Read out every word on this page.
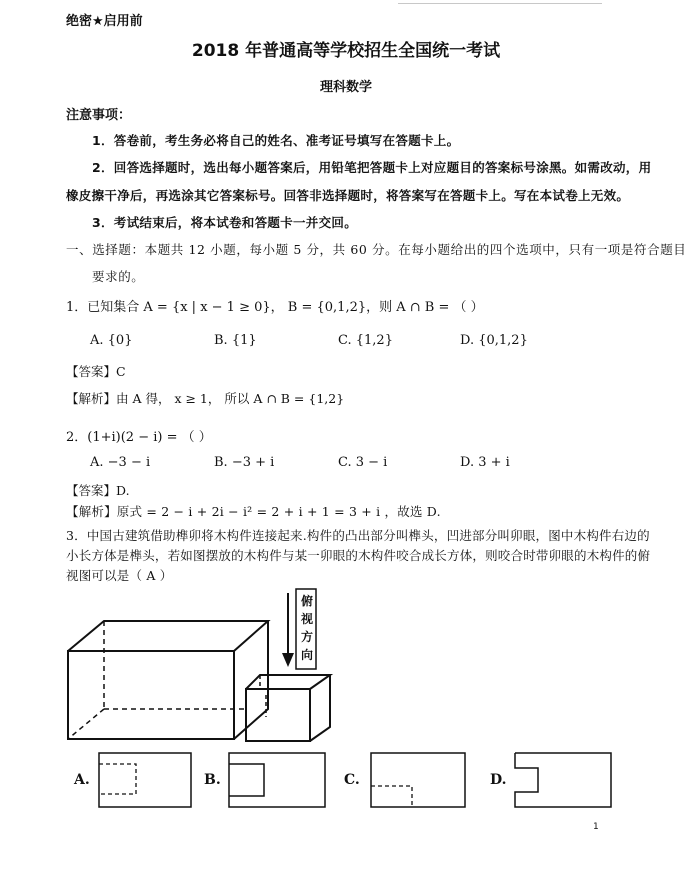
绝密★启用前
2018 年普通高等学校招生全国统一考试
理科数学
注意事项：
1．答卷前，考生务必将自己的姓名、准考证号填写在答题卡上。
2．回答选择题时，选出每小题答案后，用铅笔把答题卡上对应题目的答案标号涂黑。如需改动，用
橡皮擦干净后，再选涂其它答案标号。回答非选择题时，将答案写在答题卡上。写在本试卷上无效。
3．考试结束后，将本试卷和答题卡一并交回。
一、选择题：本题共 12 小题，每小题 5 分，共 60 分。在每小题给出的四个选项中，只有一项是符合题目
要求的。
1．已知集合 A = {x | x − 1 ≥ 0}， B = {0,1,2}，则 A ∩ B = （ ）
A. {0}	B. {1}	C. {1,2}	D. {0,1,2}
【答案】C
【解析】由 A 得， x ≥ 1， 所以 A ∩ B = {1,2}
2．(1+i)(2 − i) = （ ）
A. −3 − i	B. −3 + i	C. 3 − i	D. 3 + i
【答案】D.
【解析】原式 = 2 − i + 2i − i² = 2 + i + 1 = 3 + i ，故选 D.
3．中国古建筑借助榫卯将木构件连接起来.构件的凸出部分叫榫头，凹进部分叫卯眼，图中木构件右边的
小长方体是榫头，若如图摆放的木构件与某一卯眼的木构件咬合成长方体，则咬合时带卯眼的木构件的俯
视图可以是（ A ）
俯视方向
A.	B.	C.	D.
1
